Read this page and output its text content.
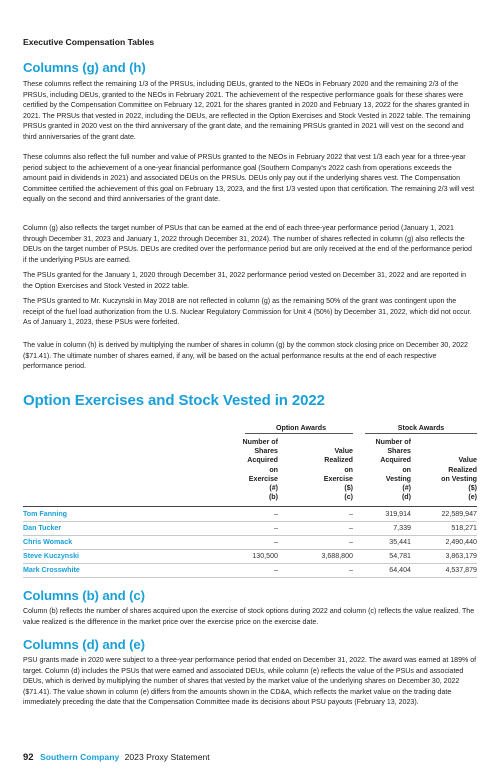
Executive Compensation Tables
Columns (g) and (h)

These columns reflect the remaining 1/3 of the PRSUs, including DEUs, granted to the NEOs in February 2020 and the remaining 2/3 of the PRSUs, including DEUs, granted to the NEOs in February 2021. The achievement of the respective performance goals for these shares were certified by the Compensation Committee on February 12, 2021 for the shares granted in 2020 and February 13, 2022 for the shares granted in 2021. The PRSUs that vested in 2022, including the DEUs, are reflected in the Option Exercises and Stock Vested in 2022 table. The remaining PRSUs granted in 2020 vest on the third anniversary of the grant date, and the remaining PRSUs granted in 2021 will vest on the second and third anniversaries of the grant date.

These columns also reflect the full number and value of PRSUs granted to the NEOs in February 2022 that vest 1/3 each year for a three-year period subject to the achievement of a one-year financial performance goal (Southern Company's 2022 cash from operations exceeds the amount paid in dividends in 2021) and associated DEUs on the PRSUs. DEUs only pay out if the underlying shares vest. The Compensation Committee certified the achievement of this goal on February 13, 2023, and the first 1/3 vested upon that certification. The remaining 2/3 will vest equally on the second and third anniversaries of the grant date.

Column (g) also reflects the target number of PSUs that can be earned at the end of each three-year performance period (January 1, 2021 through December 31, 2023 and January 1, 2022 through December 31, 2024). The number of shares reflected in column (g) also reflects the DEUs on the target number of PSUs. DEUs are credited over the performance period but are only received at the end of the performance period if the underlying PSUs are earned.

The PSUs granted for the January 1, 2020 through December 31, 2022 performance period vested on December 31, 2022 and are reported in the Option Exercises and Stock Vested in 2022 table.

The PSUs granted to Mr. Kuczynski in May 2018 are not reflected in column (g) as the remaining 50% of the grant was contingent upon the receipt of the fuel load authorization from the U.S. Nuclear Regulatory Commission for Unit 4 (50%) by December 31, 2022, which did not occur. As of January 1, 2023, these PSUs were forfeited.

The value in column (h) is derived by multiplying the number of shares in column (g) by the common stock closing price on December 30, 2022 ($71.41). The ultimate number of shares earned, if any, will be based on the actual performance results at the end of each respective performance period.

Option Exercises and Stock Vested in 2022
Option Awards	Stock Awards
Number of
Shares
Acquired
on
Exercise
(#)
(b)

Value
Realized
on
Exercise
($)
(c)
Number of
Shares
Acquired
on
Vesting
(#)
(d)

Value
Realized
on Vesting
($)
(e)
Tom Fanning	–	–	319,914	22,589,947
Dan Tucker	–	–	7,339	518,271
Chris Womack	–	–	35,441	2,490,440
Steve Kuczynski	130,500	3,688,800	54,781	3,863,179
Mark Crosswhite	–	–	64,404	4,537,879
Columns (b) and (c)

Column (b) reflects the number of shares acquired upon the exercise of stock options during 2022 and column (c) reflects the value realized. The value realized is the difference in the market price over the exercise price on the exercise date.

Columns (d) and (e)

PSU grants made in 2020 were subject to a three-year performance period that ended on December 31, 2022. The award was earned at 189% of target. Column (d) includes the PSUs that were earned and associated DEUs, while column (e) reflects the value of the PSUs and associated DEUs, which is derived by multiplying the number of shares that vested by the market value of the underlying shares on December 30, 2022 ($71.41). The value shown in column (e) differs from the amounts shown in the CD&A, which reflects the market value on the trading date immediately preceding the date that the Compensation Committee made its decisions about PSU payouts (February 13, 2023).

92 Southern Company 2023 Proxy Statement
